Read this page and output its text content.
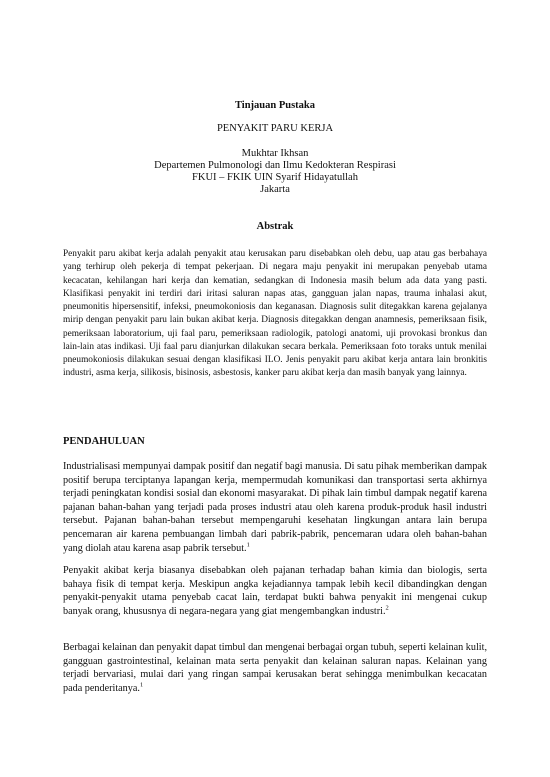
Tinjauan Pustaka
PENYAKIT PARU KERJA
Mukhtar Ikhsan
Departemen Pulmonologi dan Ilmu Kedokteran Respirasi
FKUI – FKIK UIN Syarif Hidayatullah
Jakarta
Abstrak

Penyakit paru akibat kerja adalah penyakit atau kerusakan paru disebabkan oleh debu, uap atau gas berbahaya yang terhirup oleh pekerja di tempat pekerjaan. Di negara maju penyakit ini merupakan penyebab utama kecacatan, kehilangan hari kerja dan kematian, sedangkan di Indonesia masih belum ada data yang pasti. Klasifikasi penyakit ini terdiri dari iritasi saluran napas atas, gangguan jalan napas, trauma inhalasi akut, pneumonitis hipersensitif, infeksi, pneumokoniosis dan keganasan. Diagnosis sulit ditegakkan karena gejalanya mirip dengan penyakit paru lain bukan akibat kerja. Diagnosis ditegakkan dengan anamnesis, pemeriksaan fisik, pemeriksaan laboratorium, uji faal paru, pemeriksaan radiologik, patologi anatomi, uji provokasi bronkus dan lain-lain atas indikasi. Uji faal paru dianjurkan dilakukan secara berkala. Pemeriksaan foto toraks untuk menilai pneumokoniosis dilakukan sesuai dengan klasifikasi ILO. Jenis penyakit paru akibat kerja antara lain bronkitis industri, asma kerja, silikosis, bisinosis, asbestosis, kanker paru akibat kerja dan masih banyak yang lainnya.

PENDAHULUAN

Industrialisasi mempunyai dampak positif dan negatif bagi manusia. Di satu pihak memberikan dampak positif berupa terciptanya lapangan kerja, mempermudah komunikasi dan transportasi serta akhirnya terjadi peningkatan kondisi sosial dan ekonomi masyarakat. Di pihak lain timbul dampak negatif karena pajanan bahan-bahan yang terjadi pada proses industri atau oleh karena produk-produk hasil industri tersebut. Pajanan bahan-bahan tersebut mempengaruhi kesehatan lingkungan antara lain berupa pencemaran air karena pembuangan limbah dari pabrik-pabrik, pencemaran udara oleh bahan-bahan yang diolah atau karena asap pabrik tersebut.$^1$

Penyakit akibat kerja biasanya disebabkan oleh pajanan terhadap bahan kimia dan biologis, serta bahaya fisik di tempat kerja. Meskipun angka kejadiannya tampak lebih kecil dibandingkan dengan penyakit-penyakit utama penyebab cacat lain, terdapat bukti bahwa penyakit ini mengenai cukup banyak orang, khususnya di negara-negara yang giat mengembangkan industri.$^2$

Berbagai kelainan dan penyakit dapat timbul dan mengenai berbagai organ tubuh, seperti kelainan kulit, gangguan gastrointestinal, kelainan mata serta penyakit dan kelainan saluran napas. Kelainan yang terjadi bervariasi, mulai dari yang ringan sampai kerusakan berat sehingga menimbulkan kecacatan pada penderitanya.$^1$
